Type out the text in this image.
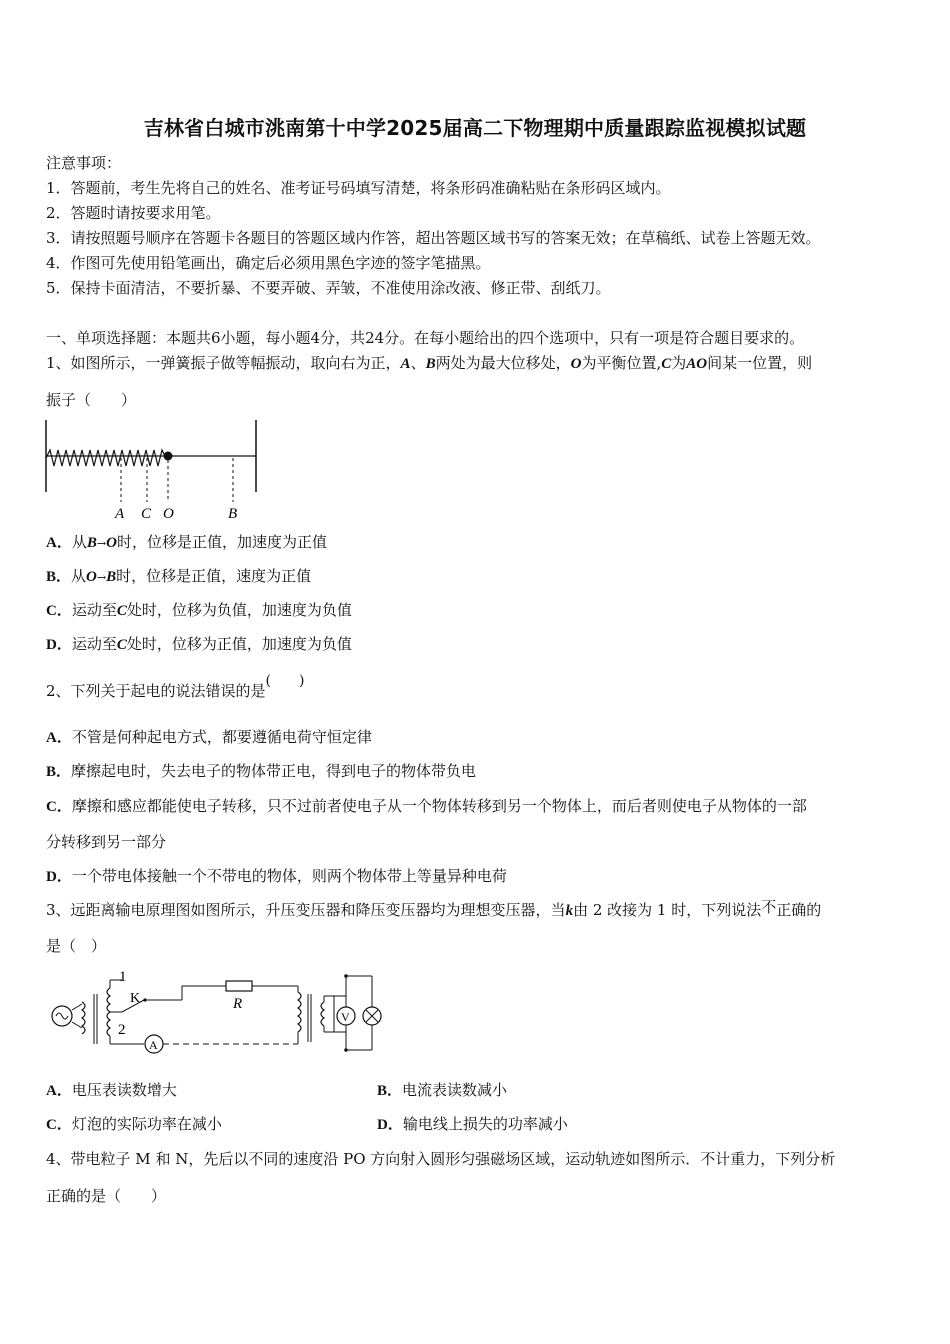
吉林省白城市洮南第十中学2025届高二下物理期中质量跟踪监视模拟试题
注意事项：
1．答题前，考生先将自己的姓名、准考证号码填写清楚，将条形码准确粘贴在条形码区域内。
2．答题时请按要求用笔。
3．请按照题号顺序在答题卡各题目的答题区域内作答，超出答题区域书写的答案无效；在草稿纸、试卷上答题无效。
4．作图可先使用铅笔画出，确定后必须用黑色字迹的签字笔描黑。
5．保持卡面清洁，不要折暴、不要弄破、弄皱，不准使用涂改液、修正带、刮纸刀。
一、单项选择题：本题共6小题，每小题4分，共24分。在每小题给出的四个选项中，只有一项是符合题目要求的。
1、如图所示，一弹簧振子做等幅振动，取向右为正，A、B两处为最大位移处，O为平衡位置,C为AO间某一位置，则
振子（　　）
A C O	B
A．从B→O时，位移是正值，加速度为正值
B．从O→B时，位移是正值，速度为正值
C．运动至C处时，位移为负值，加速度为负值
D．运动至C处时，位移为正值，加速度为负值
2、下列关于起电的说法错误的是(　　)
A．不管是何种起电方式，都要遵循电荷守恒定律
B．摩擦起电时，失去电子的物体带正电，得到电子的物体带负电
C．摩擦和感应都能使电子转移，只不过前者使电子从一个物体转移到另一个物体上，而后者则使电子从物体的一部
分转移到另一部分
D．一个带电体接触一个不带电的物体，则两个物体带上等量异种电荷
3、远距离输电原理图如图所示，升压变压器和降压变压器均为理想变压器，当k由 2 改接为 1 时，下列说法不正确的
是（　）
1
2
K	R
A
V
A．电压表读数增大	B．电流表读数减小
C．灯泡的实际功率在减小	D．输电线上损失的功率减小
4、带电粒子 M 和 N，先后以不同的速度沿 PO 方向射入圆形匀强磁场区域，运动轨迹如图所示．不计重力，下列分析
正确的是（　　）
